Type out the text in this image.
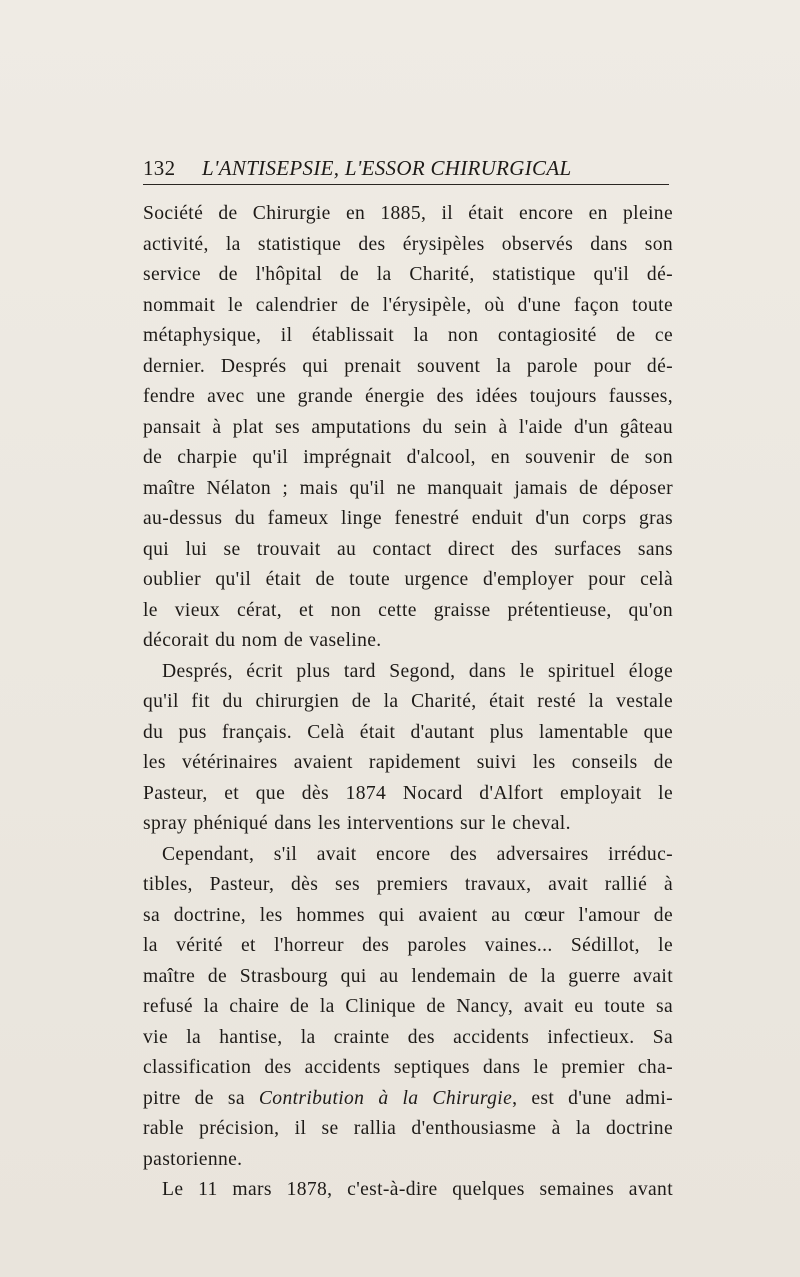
132 L'ANTISEPSIE, L'ESSOR CHIRURGICAL
Société de Chirurgie en 1885, il était encore en pleine
activité, la statistique des érysipèles observés dans son
service de l'hôpital de la Charité, statistique qu'il dé-
nommait le calendrier de l'érysipèle, où d'une façon toute
métaphysique, il établissait la non contagiosité de ce
dernier. Després qui prenait souvent la parole pour dé-
fendre avec une grande énergie des idées toujours fausses,
pansait à plat ses amputations du sein à l'aide d'un gâteau
de charpie qu'il imprégnait d'alcool, en souvenir de son
maître Nélaton ; mais qu'il ne manquait jamais de déposer
au-dessus du fameux linge fenestré enduit d'un corps gras
qui lui se trouvait au contact direct des surfaces sans
oublier qu'il était de toute urgence d'employer pour celà
le vieux cérat, et non cette graisse prétentieuse, qu'on
décorait du nom de vaseline.
Després, écrit plus tard Segond, dans le spirituel éloge
qu'il fit du chirurgien de la Charité, était resté la vestale
du pus français. Celà était d'autant plus lamentable que
les vétérinaires avaient rapidement suivi les conseils de
Pasteur, et que dès 1874 Nocard d'Alfort employait le
spray phéniqué dans les interventions sur le cheval.
Cependant, s'il avait encore des adversaires irréduc-
tibles, Pasteur, dès ses premiers travaux, avait rallié à
sa doctrine, les hommes qui avaient au cœur l'amour de
la vérité et l'horreur des paroles vaines... Sédillot, le
maître de Strasbourg qui au lendemain de la guerre avait
refusé la chaire de la Clinique de Nancy, avait eu toute sa
vie la hantise, la crainte des accidents infectieux. Sa
classification des accidents septiques dans le premier cha-
pitre de sa Contribution à la Chirurgie, est d'une admi-
rable précision, il se rallia d'enthousiasme à la doctrine
pastorienne.
Le 11 mars 1878, c'est-à-dire quelques semaines avant
